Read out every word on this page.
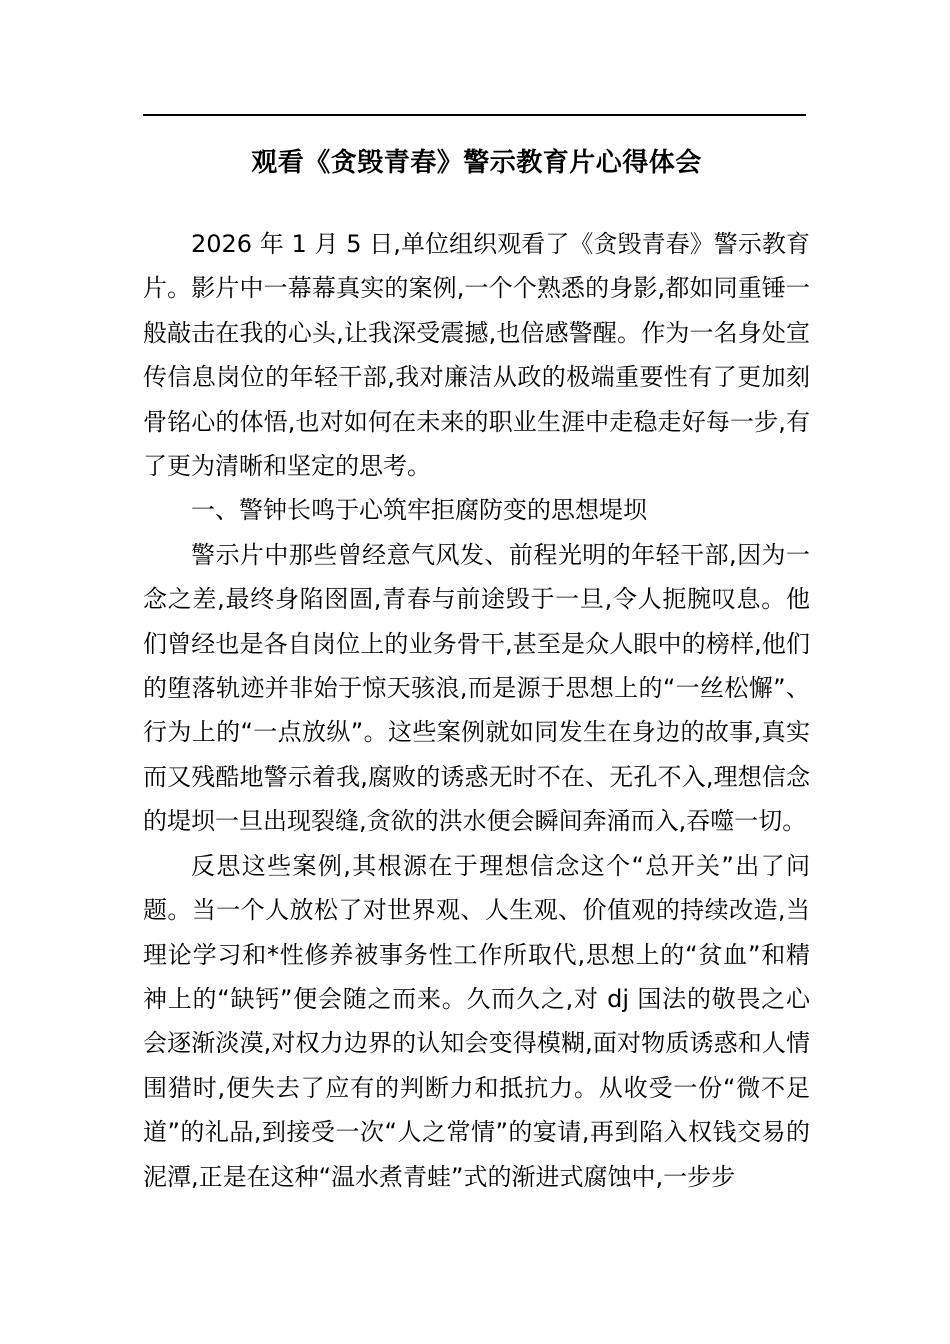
观看《贪毁青春》警示教育片心得体会

2026 年 1 月 5 日,单位组织观看了《贪毁青春》警示教育片。影片中一幕幕真实的案例,一个个熟悉的身影,都如同重锤一般敲击在我的心头,让我深受震撼,也倍感警醒。作为一名身处宣传信息岗位的年轻干部,我对廉洁从政的极端重要性有了更加刻骨铭心的体悟,也对如何在未来的职业生涯中走稳走好每一步,有了更为清晰和坚定的思考。

一、警钟长鸣于心筑牢拒腐防变的思想堤坝

警示片中那些曾经意气风发、前程光明的年轻干部,因为一念之差,最终身陷囹圄,青春与前途毁于一旦,令人扼腕叹息。他们曾经也是各自岗位上的业务骨干,甚至是众人眼中的榜样,他们的堕落轨迹并非始于惊天骇浪,而是源于思想上的“一丝松懈”、行为上的“一点放纵”。这些案例就如同发生在身边的故事,真实而又残酷地警示着我,腐败的诱惑无时不在、无孔不入,理想信念的堤坝一旦出现裂缝,贪欲的洪水便会瞬间奔涌而入,吞噬一切。

反思这些案例,其根源在于理想信念这个“总开关”出了问题。当一个人放松了对世界观、人生观、价值观的持续改造,当理论学习和*性修养被事务性工作所取代,思想上的“贫血”和精神上的“缺钙”便会随之而来。久而久之,对 dj 国法的敬畏之心会逐渐淡漠,对权力边界的认知会变得模糊,面对物质诱惑和人情围猎时,便失去了应有的判断力和抵抗力。从收受一份“微不足道”的礼品,到接受一次“人之常情”的宴请,再到陷入权钱交易的泥潭,正是在这种“温水煮青蛙”式的渐进式腐蚀中,一步步
